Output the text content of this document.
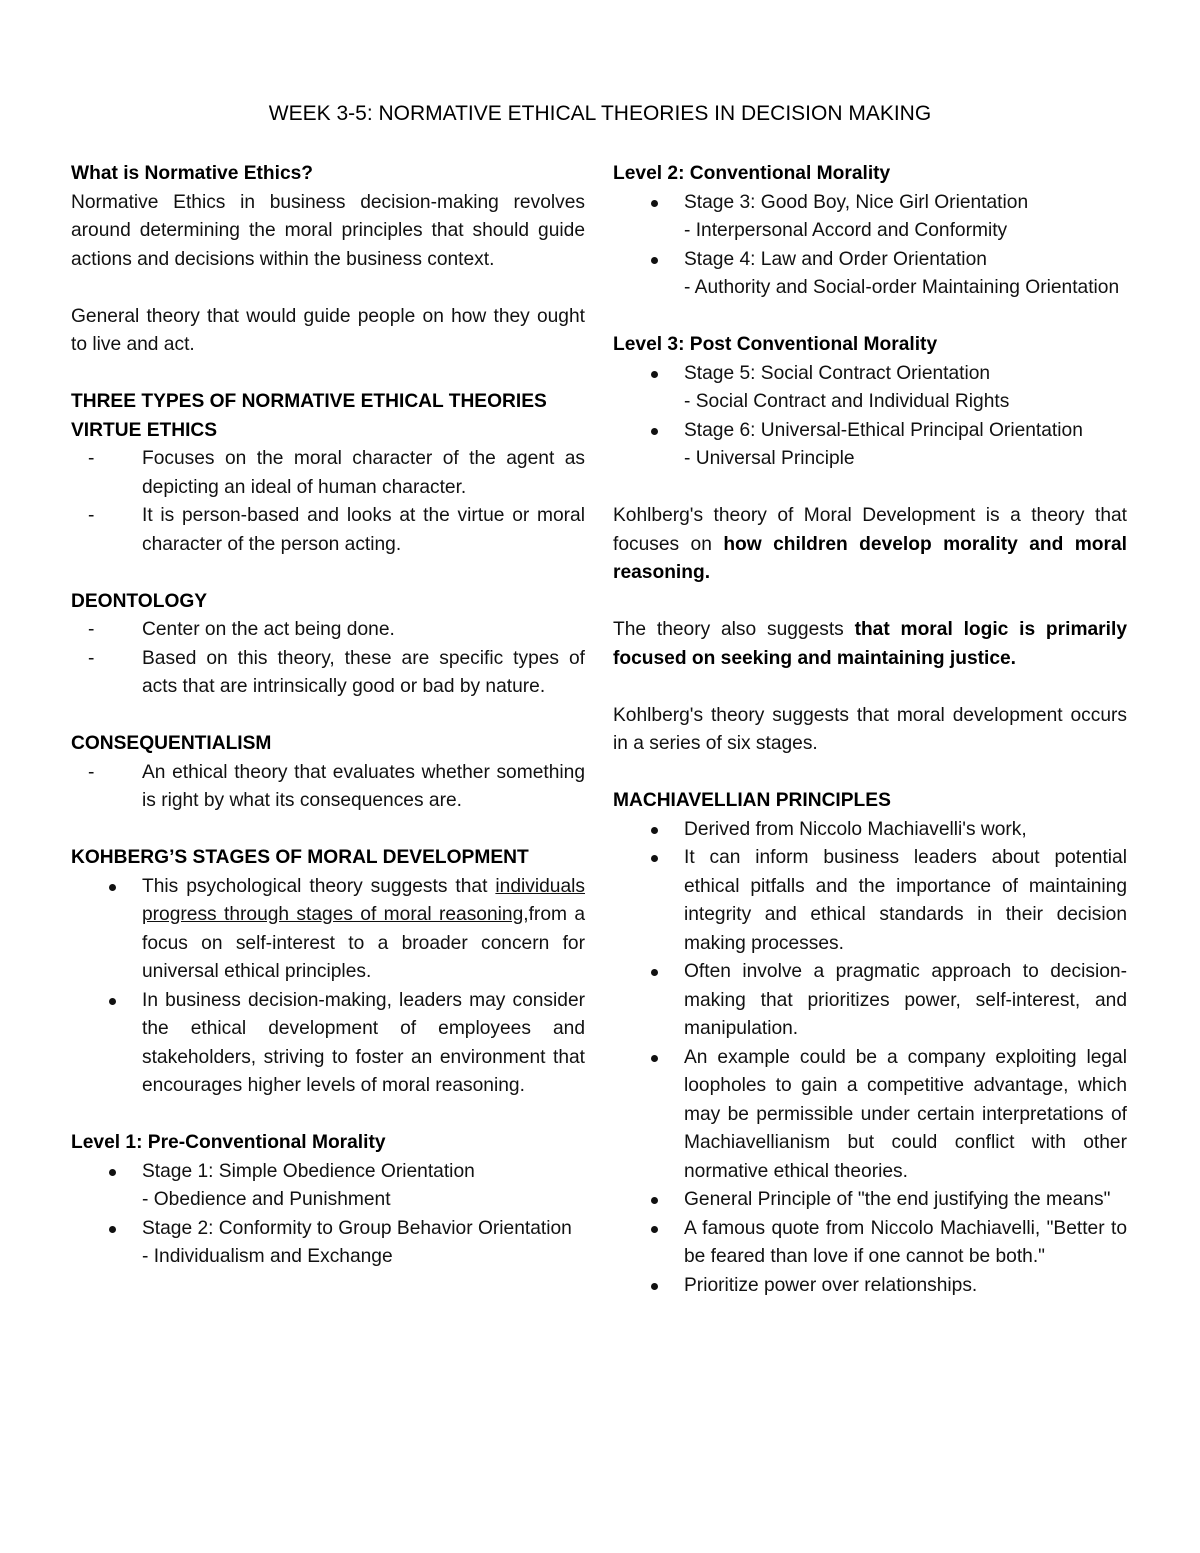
WEEK 3-5: NORMATIVE ETHICAL THEORIES IN DECISION MAKING

What is Normative Ethics?

Normative Ethics in business decision-making revolves around determining the moral principles that should guide actions and decisions within the business context.

General theory that would guide people on how they ought to live and act.

THREE TYPES OF NORMATIVE ETHICAL THEORIES

VIRTUE ETHICS

- Focuses on the moral character of the agent as depicting an ideal of human character.
- It is person-based and looks at the virtue or moral character of the person acting.

DEONTOLOGY

- Center on the act being done.
- Based on this theory, these are specific types of acts that are intrinsically good or bad by nature.

CONSEQUENTIALISM

- An ethical theory that evaluates whether something is right by what its consequences are.

KOHBERG’S STAGES OF MORAL DEVELOPMENT

This psychological theory suggests that individuals progress through stages of moral reasoning,from a focus on self-interest to a broader concern for universal ethical principles.
In business decision-making, leaders may consider the ethical development of employees and stakeholders, striving to foster an environment that encourages higher levels of moral reasoning.

Level 1: Pre-Conventional Morality

Stage 1: Simple Obedience Orientation
- Obedience and Punishment
Stage 2: Conformity to Group Behavior Orientation
- Individualism and Exchange

Level 2: Conventional Morality

Stage 3: Good Boy, Nice Girl Orientation
- Interpersonal Accord and Conformity
Stage 4: Law and Order Orientation
- Authority and Social-order Maintaining Orientation

Level 3: Post Conventional Morality

Stage 5: Social Contract Orientation
- Social Contract and Individual Rights
Stage 6: Universal-Ethical Principal Orientation
- Universal Principle

Kohlberg's theory of Moral Development is a theory that focuses on how children develop morality and moral reasoning.

The theory also suggests that moral logic is primarily focused on seeking and maintaining justice.

Kohlberg's theory suggests that moral development occurs in a series of six stages.

MACHIAVELLIAN PRINCIPLES

Derived from Niccolo Machiavelli's work,
It can inform business leaders about potential ethical pitfalls and the importance of maintaining integrity and ethical standards in their decision making processes.
Often involve a pragmatic approach to decision-making that prioritizes power, self-interest, and manipulation.
An example could be a company exploiting legal loopholes to gain a competitive advantage, which may be permissible under certain interpretations of Machiavellianism but could conflict with other normative ethical theories.
General Principle of "the end justifying the means"
A famous quote from Niccolo Machiavelli, "Better to be feared than love if one cannot be both."
Prioritize power over relationships.
